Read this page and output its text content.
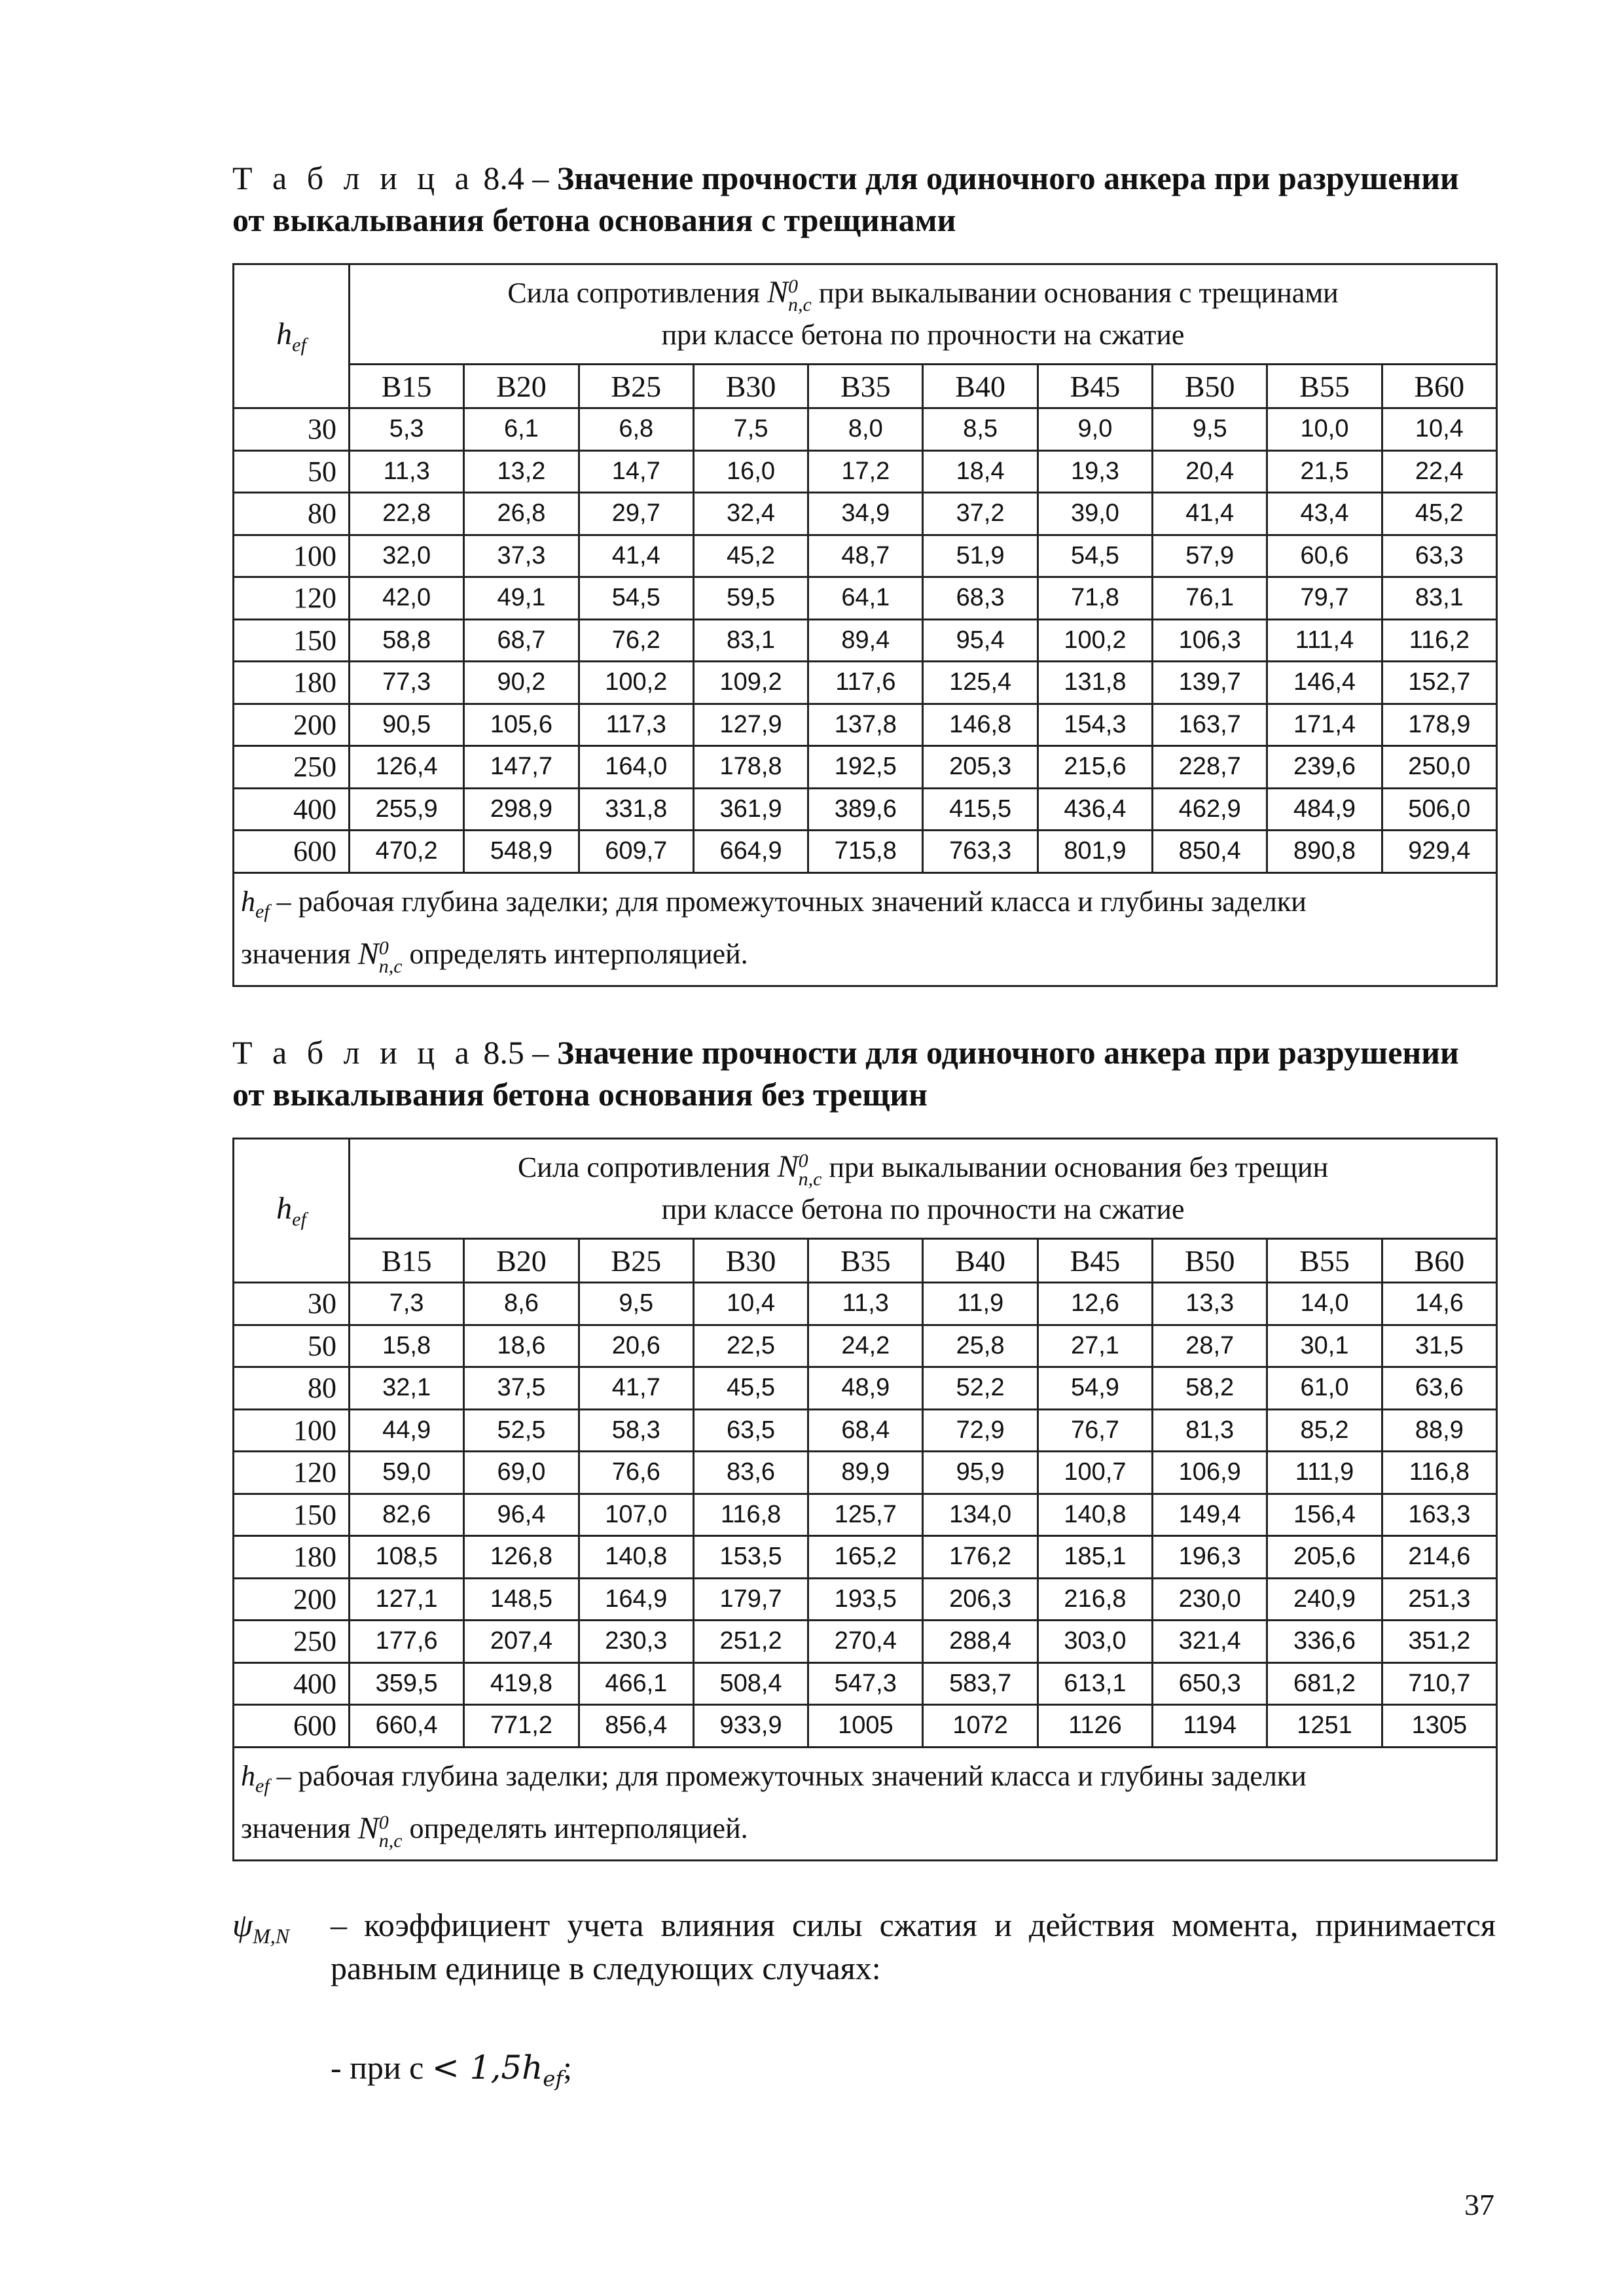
Т а б л и ц а 8.4 – Значение прочности для одиночного анкера при разрушении
от выкалывания бетона основания с трещинами
$h_{ef}$	Сила сопротивления N0
n,c при выкалывании основания с трещинами
при классе бетона по прочности на сжатие									
	В15	В20	В25	В30	В35	В40	В45	В50	В55	В60
30	5,3	6,1	6,8	7,5	8,0	8,5	9,0	9,5	10,0	10,4
50	11,3	13,2	14,7	16,0	17,2	18,4	19,3	20,4	21,5	22,4
80	22,8	26,8	29,7	32,4	34,9	37,2	39,0	41,4	43,4	45,2
100	32,0	37,3	41,4	45,2	48,7	51,9	54,5	57,9	60,6	63,3
120	42,0	49,1	54,5	59,5	64,1	68,3	71,8	76,1	79,7	83,1
150	58,8	68,7	76,2	83,1	89,4	95,4	100,2	106,3	111,4	116,2
180	77,3	90,2	100,2	109,2	117,6	125,4	131,8	139,7	146,4	152,7
200	90,5	105,6	117,3	127,9	137,8	146,8	154,3	163,7	171,4	178,9
250	126,4	147,7	164,0	178,8	192,5	205,3	215,6	228,7	239,6	250,0
400	255,9	298,9	331,8	361,9	389,6	415,5	436,4	462,9	484,9	506,0
600	470,2	548,9	609,7	664,9	715,8	763,3	801,9	850,4	890,8	929,4
$h_{ef}$ – рабочая глубина заделки; для промежуточных значений класса и глубины заделки
значения N0
n,c определять интерполяцией.										
Т а б л и ц а 8.5 – Значение прочности для одиночного анкера при разрушении
от выкалывания бетона основания без трещин
$h_{ef}$	Сила сопротивления N0
n,c при выкалывании основания без трещин
при классе бетона по прочности на сжатие									
	В15	В20	В25	В30	В35	В40	В45	В50	В55	В60
30	7,3	8,6	9,5	10,4	11,3	11,9	12,6	13,3	14,0	14,6
50	15,8	18,6	20,6	22,5	24,2	25,8	27,1	28,7	30,1	31,5
80	32,1	37,5	41,7	45,5	48,9	52,2	54,9	58,2	61,0	63,6
100	44,9	52,5	58,3	63,5	68,4	72,9	76,7	81,3	85,2	88,9
120	59,0	69,0	76,6	83,6	89,9	95,9	100,7	106,9	111,9	116,8
150	82,6	96,4	107,0	116,8	125,7	134,0	140,8	149,4	156,4	163,3
180	108,5	126,8	140,8	153,5	165,2	176,2	185,1	196,3	205,6	214,6
200	127,1	148,5	164,9	179,7	193,5	206,3	216,8	230,0	240,9	251,3
250	177,6	207,4	230,3	251,2	270,4	288,4	303,0	321,4	336,6	351,2
400	359,5	419,8	466,1	508,4	547,3	583,7	613,1	650,3	681,2	710,7
600	660,4	771,2	856,4	933,9	1005	1072	1126	1194	1251	1305
$h_{ef}$ – рабочая глубина заделки; для промежуточных значений класса и глубины заделки
значения N0
n,c определять интерполяцией.										
$\psi_{M,N}$ – коэффициент учета влияния силы сжатия и действия момента, принимается равным единице в следующих случаях:
- при $c < 1,5h_{ef}$;
37
